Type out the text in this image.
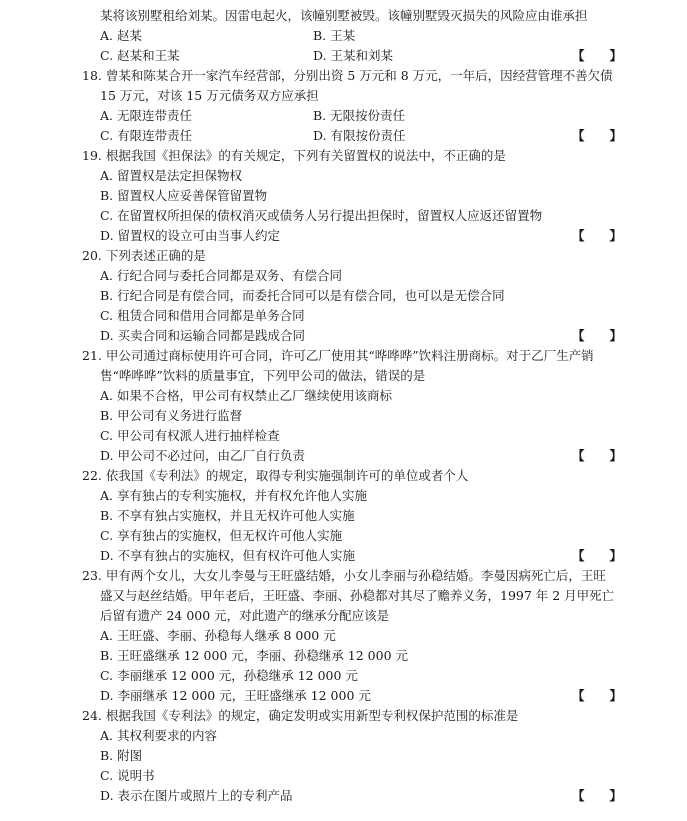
某将该别墅租给刘某。因雷电起火，该幢别墅被毁。该幢别墅毁灭损失的风险应由谁承担
A. 赵某	B. 王某
C. 赵某和王某	D. 王某和刘某	【　　】
18. 曾某和陈某合开一家汽车经营部，分别出资 5 万元和 8 万元，一年后，因经营管理不善欠债
15 万元，对该 15 万元债务双方应承担
A. 无限连带责任	B. 无限按份责任
C. 有限连带责任	D. 有限按份责任	【　　】
19. 根据我国《担保法》的有关规定，下列有关留置权的说法中，不正确的是
A. 留置权是法定担保物权
B. 留置权人应妥善保管留置物
C. 在留置权所担保的债权消灭或债务人另行提出担保时，留置权人应返还留置物
D. 留置权的设立可由当事人约定	【　　】
20. 下列表述正确的是
A. 行纪合同与委托合同都是双务、有偿合同
B. 行纪合同是有偿合同，而委托合同可以是有偿合同，也可以是无偿合同
C. 租赁合同和借用合同都是单务合同
D. 买卖合同和运输合同都是践成合同	【　　】
21. 甲公司通过商标使用许可合同，许可乙厂使用其“哗哗哗”饮料注册商标。对于乙厂生产销
售“哗哗哗”饮料的质量事宜，下列甲公司的做法，错误的是
A. 如果不合格，甲公司有权禁止乙厂继续使用该商标
B. 甲公司有义务进行监督
C. 甲公司有权派人进行抽样检查
D. 甲公司不必过问，由乙厂自行负责	【　　】
22. 依我国《专利法》的规定，取得专利实施强制许可的单位或者个人
A. 享有独占的专利实施权，并有权允许他人实施
B. 不享有独占实施权，并且无权许可他人实施
C. 享有独占的实施权，但无权许可他人实施
D. 不享有独占的实施权，但有权许可他人实施	【　　】
23. 甲有两个女儿，大女儿李曼与王旺盛结婚，小女儿李丽与孙稳结婚。李曼因病死亡后，王旺
盛又与赵丝结婚。甲年老后，王旺盛、李丽、孙稳都对其尽了赡养义务，1997 年 2 月甲死亡
后留有遗产 24 000 元，对此遗产的继承分配应该是
A. 王旺盛、李丽、孙稳每人继承 8 000 元
B. 王旺盛继承 12 000 元，李丽、孙稳继承 12 000 元
C. 李丽继承 12 000 元，孙稳继承 12 000 元
D. 李丽继承 12 000 元，王旺盛继承 12 000 元	【　　】
24. 根据我国《专利法》的规定，确定发明或实用新型专利权保护范围的标准是
A. 其权利要求的内容
B. 附图
C. 说明书
D. 表示在图片或照片上的专利产品	【　　】
